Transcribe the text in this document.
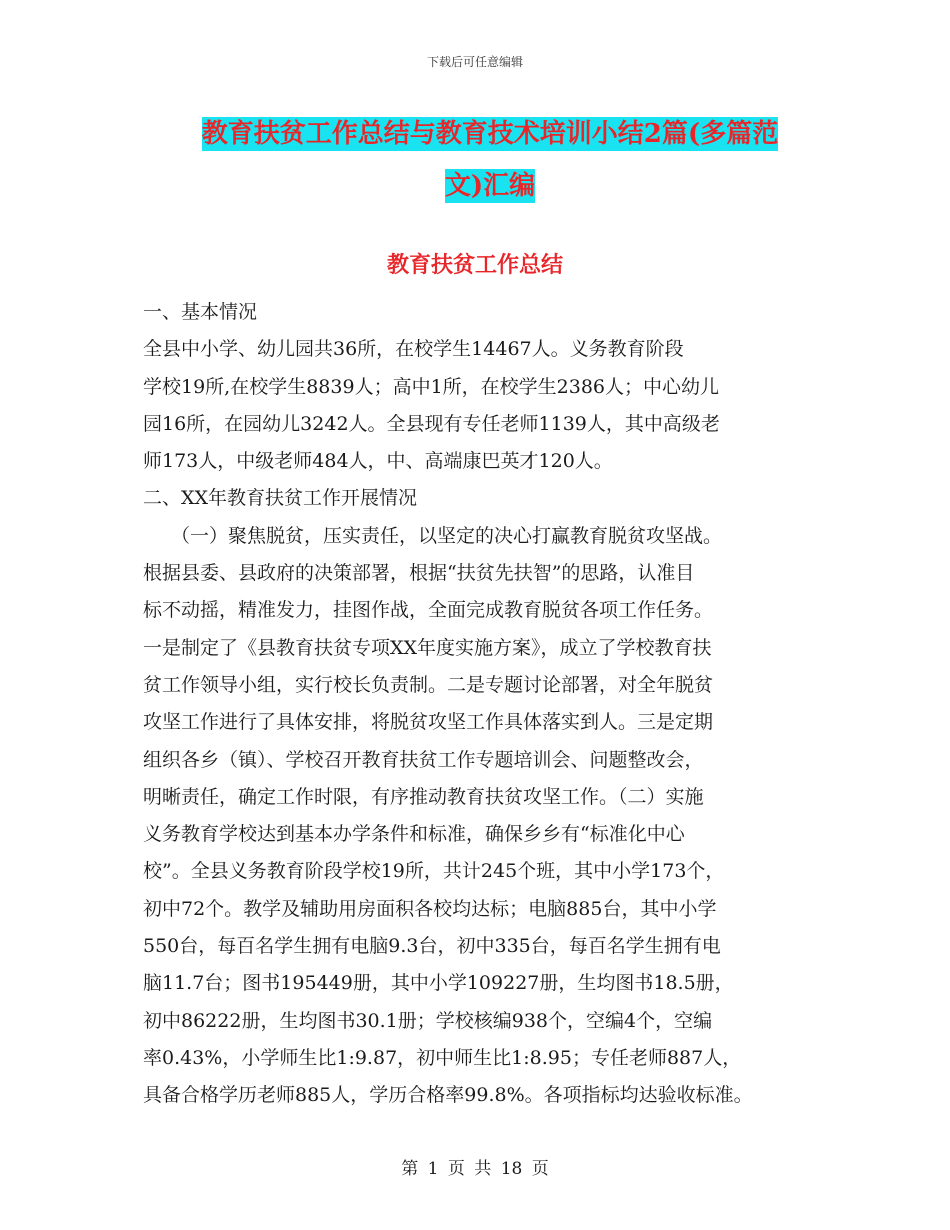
下载后可任意编辑
教育扶贫工作总结与教育技术培训小结2篇(多篇范
文)汇编
教育扶贫工作总结

一、基本情况

全县中小学、幼儿园共36所，在校学生14467人。义务教育阶段

学校19所,在校学生8839人；高中1所，在校学生2386人；中心幼儿

园16所，在园幼儿3242人。全县现有专任老师1139人，其中高级老

师173人，中级老师484人，中、高端康巴英才120人。

二、XX年教育扶贫工作开展情况

（一）聚焦脱贫，压实责任，以坚定的决心打赢教育脱贫攻坚战。

根据县委、县政府的决策部署，根据“扶贫先扶智”的思路，认准目

标不动摇，精准发力，挂图作战，全面完成教育脱贫各项工作任务。

一是制定了《县教育扶贫专项XX年度实施方案》，成立了学校教育扶

贫工作领导小组，实行校长负责制。二是专题讨论部署，对全年脱贫

攻坚工作进行了具体安排，将脱贫攻坚工作具体落实到人。三是定期

组织各乡（镇）、学校召开教育扶贫工作专题培训会、问题整改会，

明晰责任，确定工作时限，有序推动教育扶贫攻坚工作。（二）实施

义务教育学校达到基本办学条件和标准，确保乡乡有“标准化中心

校”。全县义务教育阶段学校19所，共计245个班，其中小学173个，

初中72个。教学及辅助用房面积各校均达标；电脑885台，其中小学

550台，每百名学生拥有电脑9.3台，初中335台，每百名学生拥有电

脑11.7台；图书195449册，其中小学109227册，生均图书18.5册，

初中86222册，生均图书30.1册；学校核编938个，空编4个，空编

率0.43%，小学师生比1:9.87，初中师生比1:8.95；专任老师887人，

具备合格学历老师885人，学历合格率99.8%。各项指标均达验收标准。

第 1 页 共 18 页
